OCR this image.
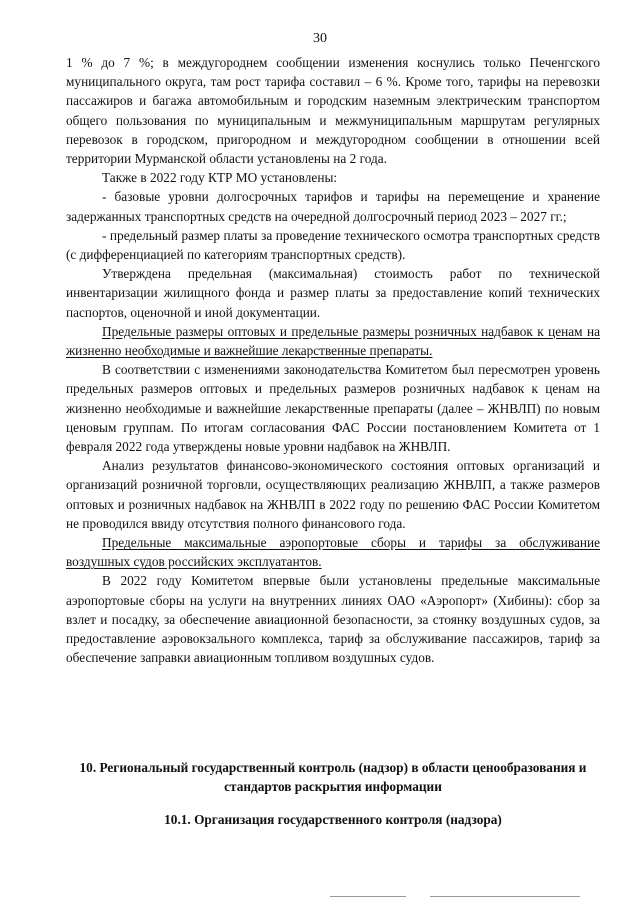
30

1 % до 7 %; в междугороднем сообщении изменения коснулись только Печенгского муниципального округа, там рост тарифа составил – 6 %. Кроме того, тарифы на перевозки пассажиров и багажа автомобильным и городским наземным электрическим транспортом общего пользования по муниципальным и межмуниципальным маршрутам регулярных перевозок в городском, пригородном и междугородном сообщении в отношении всей территории Мурманской области установлены на 2 года.

Также в 2022 году КТР МО установлены:

- базовые уровни долгосрочных тарифов и тарифы на перемещение и хранение задержанных транспортных средств на очередной долгосрочный период 2023 – 2027 гг.;

- предельный размер платы за проведение технического осмотра транспортных средств (с дифференциацией по категориям транспортных средств).

Утверждена предельная (максимальная) стоимость работ по технической инвентаризации жилищного фонда и размер платы за предоставление копий технических паспортов, оценочной и иной документации.

Предельные размеры оптовых и предельные размеры розничных надбавок к ценам на жизненно необходимые и важнейшие лекарственные препараты.

В соответствии с изменениями законодательства Комитетом был пересмотрен уровень предельных размеров оптовых и предельных размеров розничных надбавок к ценам на жизненно необходимые и важнейшие лекарственные препараты (далее – ЖНВЛП) по новым ценовым группам. По итогам согласования ФАС России постановлением Комитета от 1 февраля 2022 года утверждены новые уровни надбавок на ЖНВЛП.

Анализ результатов финансово-экономического состояния оптовых организаций и организаций розничной торговли, осуществляющих реализацию ЖНВЛП, а также размеров оптовых и розничных надбавок на ЖНВЛП в 2022 году по решению ФАС России Комитетом не проводился ввиду отсутствия полного финансового года.

Предельные максимальные аэропортовые сборы и тарифы за обслуживание воздушных судов российских эксплуатантов.

В 2022 году Комитетом впервые были установлены предельные максимальные аэропортовые сборы на услуги на внутренних линиях ОАО «Аэропорт» (Хибины): сбор за взлет и посадку, за обеспечение авиационной безопасности, за стоянку воздушных судов, за предоставление аэровокзального комплекса, тариф за обслуживание пассажиров, тариф за обеспечение заправки авиационным топливом воздушных судов.

10. Региональный государственный контроль (надзор) в области ценообразования и стандартов раскрытия информации

10.1. Организация государственного контроля (надзора)
